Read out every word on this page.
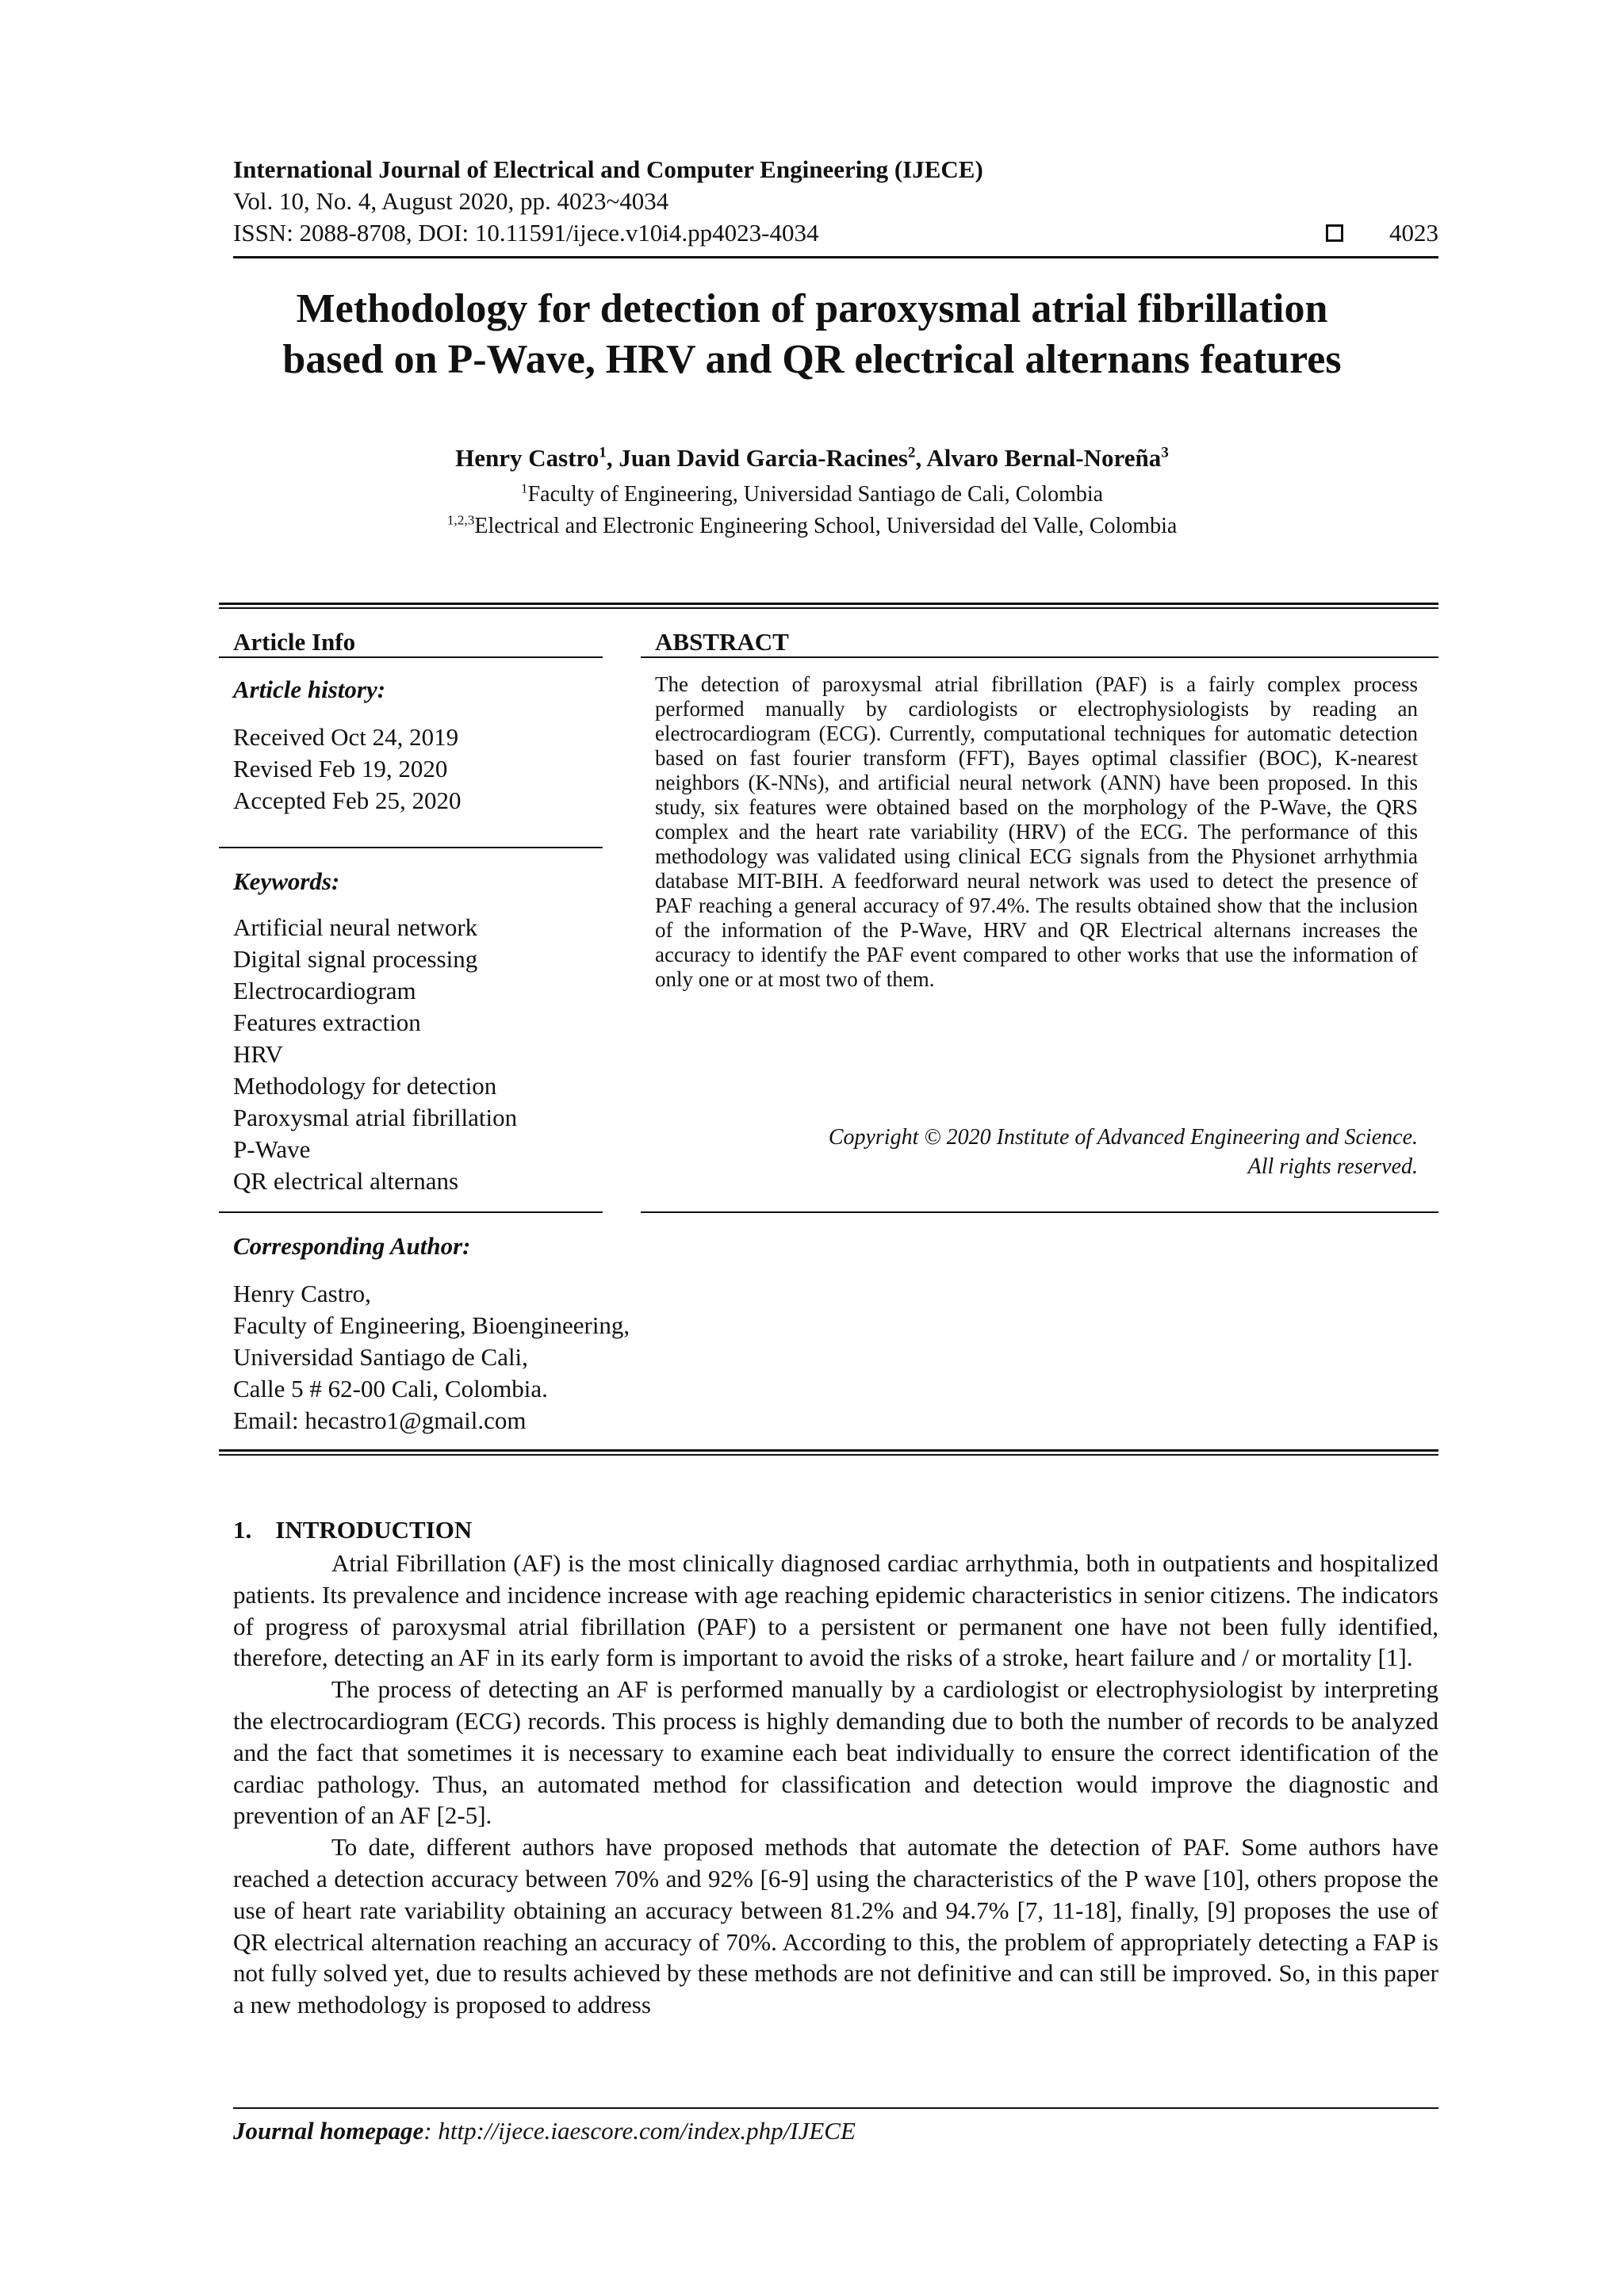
International Journal of Electrical and Computer Engineering (IJECE)
Vol. 10, No. 4, August 2020, pp. 4023~4034
ISSN: 2088-8708, DOI: 10.11591/ijece.v10i4.pp4023-4034	4023
Methodology for detection of paroxysmal atrial fibrillation
based on P-Wave, HRV and QR electrical alternans features
Henry Castro$^1$, Juan David Garcia-Racines$^2$, Alvaro Bernal-Noreña$^3$
$^1$Faculty of Engineering, Universidad Santiago de Cali, Colombia
$^{1,2,3}$Electrical and Electronic Engineering School, Universidad del Valle, Colombia
Article Info
Article history:
Received Oct 24, 2019
Revised Feb 19, 2020
Accepted Feb 25, 2020
Keywords:
Artificial neural network
Digital signal processing
Electrocardiogram
Features extraction
HRV
Methodology for detection
Paroxysmal atrial fibrillation
P-Wave
QR electrical alternans
ABSTRACT
The detection of paroxysmal atrial fibrillation (PAF) is a fairly complex process performed manually by cardiologists or electrophysiologists by reading an electrocardiogram (ECG). Currently, computational techniques for automatic detection based on fast fourier transform (FFT), Bayes optimal classifier (BOC), K-nearest neighbors (K-NNs), and artificial neural network (ANN) have been proposed. In this study, six features were obtained based on the morphology of the P-Wave, the QRS complex and the heart rate variability (HRV) of the ECG. The performance of this methodology was validated using clinical ECG signals from the Physionet arrhythmia database MIT-BIH. A feedforward neural network was used to detect the presence of PAF reaching a general accuracy of 97.4%. The results obtained show that the inclusion of the information of the P-Wave, HRV and QR Electrical alternans increases the accuracy to identify the PAF event compared to other works that use the information of only one or at most two of them.
Copyright © 2020 Institute of Advanced Engineering and Science.
All rights reserved.
Corresponding Author:
Henry Castro,
Faculty of Engineering, Bioengineering,
Universidad Santiago de Cali,
Calle 5 # 62-00 Cali, Colombia.
Email: hecastro1@gmail.com
1. INTRODUCTION

Atrial Fibrillation (AF) is the most clinically diagnosed cardiac arrhythmia, both in outpatients and hospitalized patients. Its prevalence and incidence increase with age reaching epidemic characteristics in senior citizens. The indicators of progress of paroxysmal atrial fibrillation (PAF) to a persistent or permanent one have not been fully identified, therefore, detecting an AF in its early form is important to avoid the risks of a stroke, heart failure and / or mortality [1].

The process of detecting an AF is performed manually by a cardiologist or electrophysiologist by interpreting the electrocardiogram (ECG) records. This process is highly demanding due to both the number of records to be analyzed and the fact that sometimes it is necessary to examine each beat individually to ensure the correct identification of the cardiac pathology. Thus, an automated method for classification and detection would improve the diagnostic and prevention of an AF [2-5].

To date, different authors have proposed methods that automate the detection of PAF. Some authors have reached a detection accuracy between 70% and 92% [6-9] using the characteristics of the P wave [10], others propose the use of heart rate variability obtaining an accuracy between 81.2% and 94.7% [7, 11-18], finally, [9] proposes the use of QR electrical alternation reaching an accuracy of 70%. According to this, the problem of appropriately detecting a FAP is not fully solved yet, due to results achieved by these methods are not definitive and can still be improved. So, in this paper a new methodology is proposed to address

Journal homepage: http://ijece.iaescore.com/index.php/IJECE
